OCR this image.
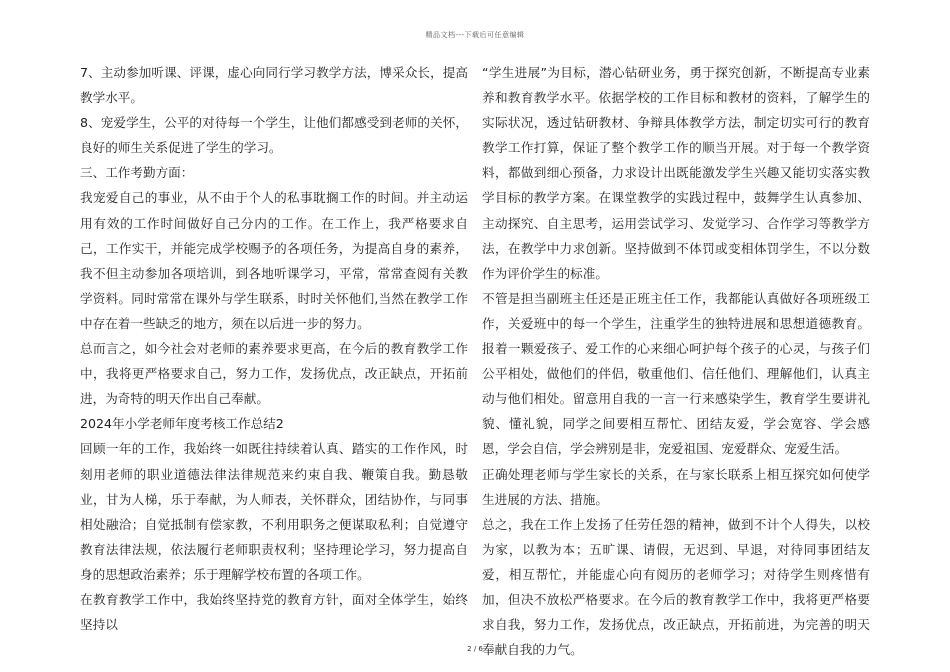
精品文档---下载后可任意编辑

7、主动参加听课、评课，虚心向同行学习教学方法，博采众长，提高教学水平。

8、宠爱学生，公平的对待每一个学生，让他们都感受到老师的关怀，良好的师生关系促进了学生的学习。

三、工作考勤方面：

我宠爱自己的事业，从不由于个人的私事耽搁工作的时间。并主动运用有效的工作时间做好自己分内的工作。在工作上，我严格要求自己，工作实干，并能完成学校赐予的各项任务，为提高自身的素养，我不但主动参加各项培训，到各地听课学习，平常，常常查阅有关教学资料。同时常常在课外与学生联系，时时关怀他们,当然在教学工作中存在着一些缺乏的地方，须在以后进一步的努力。

总而言之，如今社会对老师的素养要求更高，在今后的教育教学工作中，我将更严格要求自己，努力工作，发扬优点，改正缺点，开拓前进，为奇特的明天作出自己奉献。

2024年小学老师年度考核工作总结2

回顾一年的工作，我始终一如既往持续着认真、踏实的工作作风，时刻用老师的职业道德法律法律规范来约束自我、鞭策自我。勤恳敬业，甘为人梯，乐于奉献，为人师表，关怀群众，团结协作，与同事相处融洽；自觉抵制有偿家教，不利用职务之便谋取私利；自觉遵守教育法律法规，依法履行老师职责权利；坚持理论学习，努力提高自身的思想政治素养；乐于理解学校布置的各项工作。

在教育教学工作中，我始终坚持党的教育方针，面对全体学生，始终坚持以

“学生进展”为目标，潜心钻研业务，勇于探究创新，不断提高专业素养和教育教学水平。依据学校的工作目标和教材的资料，了解学生的实际状况，透过钻研教材、争辩具体教学方法，制定切实可行的教育教学工作打算，保证了整个教学工作的顺当开展。对于每一个教学资料，都做到细心预备，力求设计出既能激发学生兴趣又能切实落实教学目标的教学方案。在课堂教学的实践过程中，鼓舞学生认真参加、主动探究、自主思考，运用尝试学习、发觉学习、合作学习等教学方法，在教学中力求创新。坚持做到不体罚或变相体罚学生，不以分数作为评价学生的标准。

不管是担当副班主任还是正班主任工作，我都能认真做好各项班级工作，关爱班中的每一个学生，注重学生的独特进展和思想道德教育。报着一颗爱孩子、爱工作的心来细心呵护每个孩子的心灵，与孩子们公平相处，做他们的伴侣，敬重他们、信任他们、理解他们，认真主动与他们相处。留意用自我的一言一行来感染学生，教育学生要讲礼貌、懂礼貌，同学之间要相互帮忙、团结友爱，学会宽容、学会感恩，学会自信，学会辨别是非，宠爱祖国、宠爱群众、宠爱生活。

正确处理老师与学生家长的关系，在与家长联系上相互探究如何使学生进展的方法、措施。

总之，我在工作上发扬了任劳任怨的精神，做到不计个人得失，以校为家，以教为本；五旷课、请假，无迟到、早退，对待同事团结友爱，相互帮忙，并能虚心向有阅历的老师学习；对待学生则疼惜有加，但决不放松严格要求。在今后的教育教学工作中，我将更严格要求自我，努力工作，发扬优点，改正缺点，开拓前进，为完善的明天奉献自我的力气。

2 / 6
